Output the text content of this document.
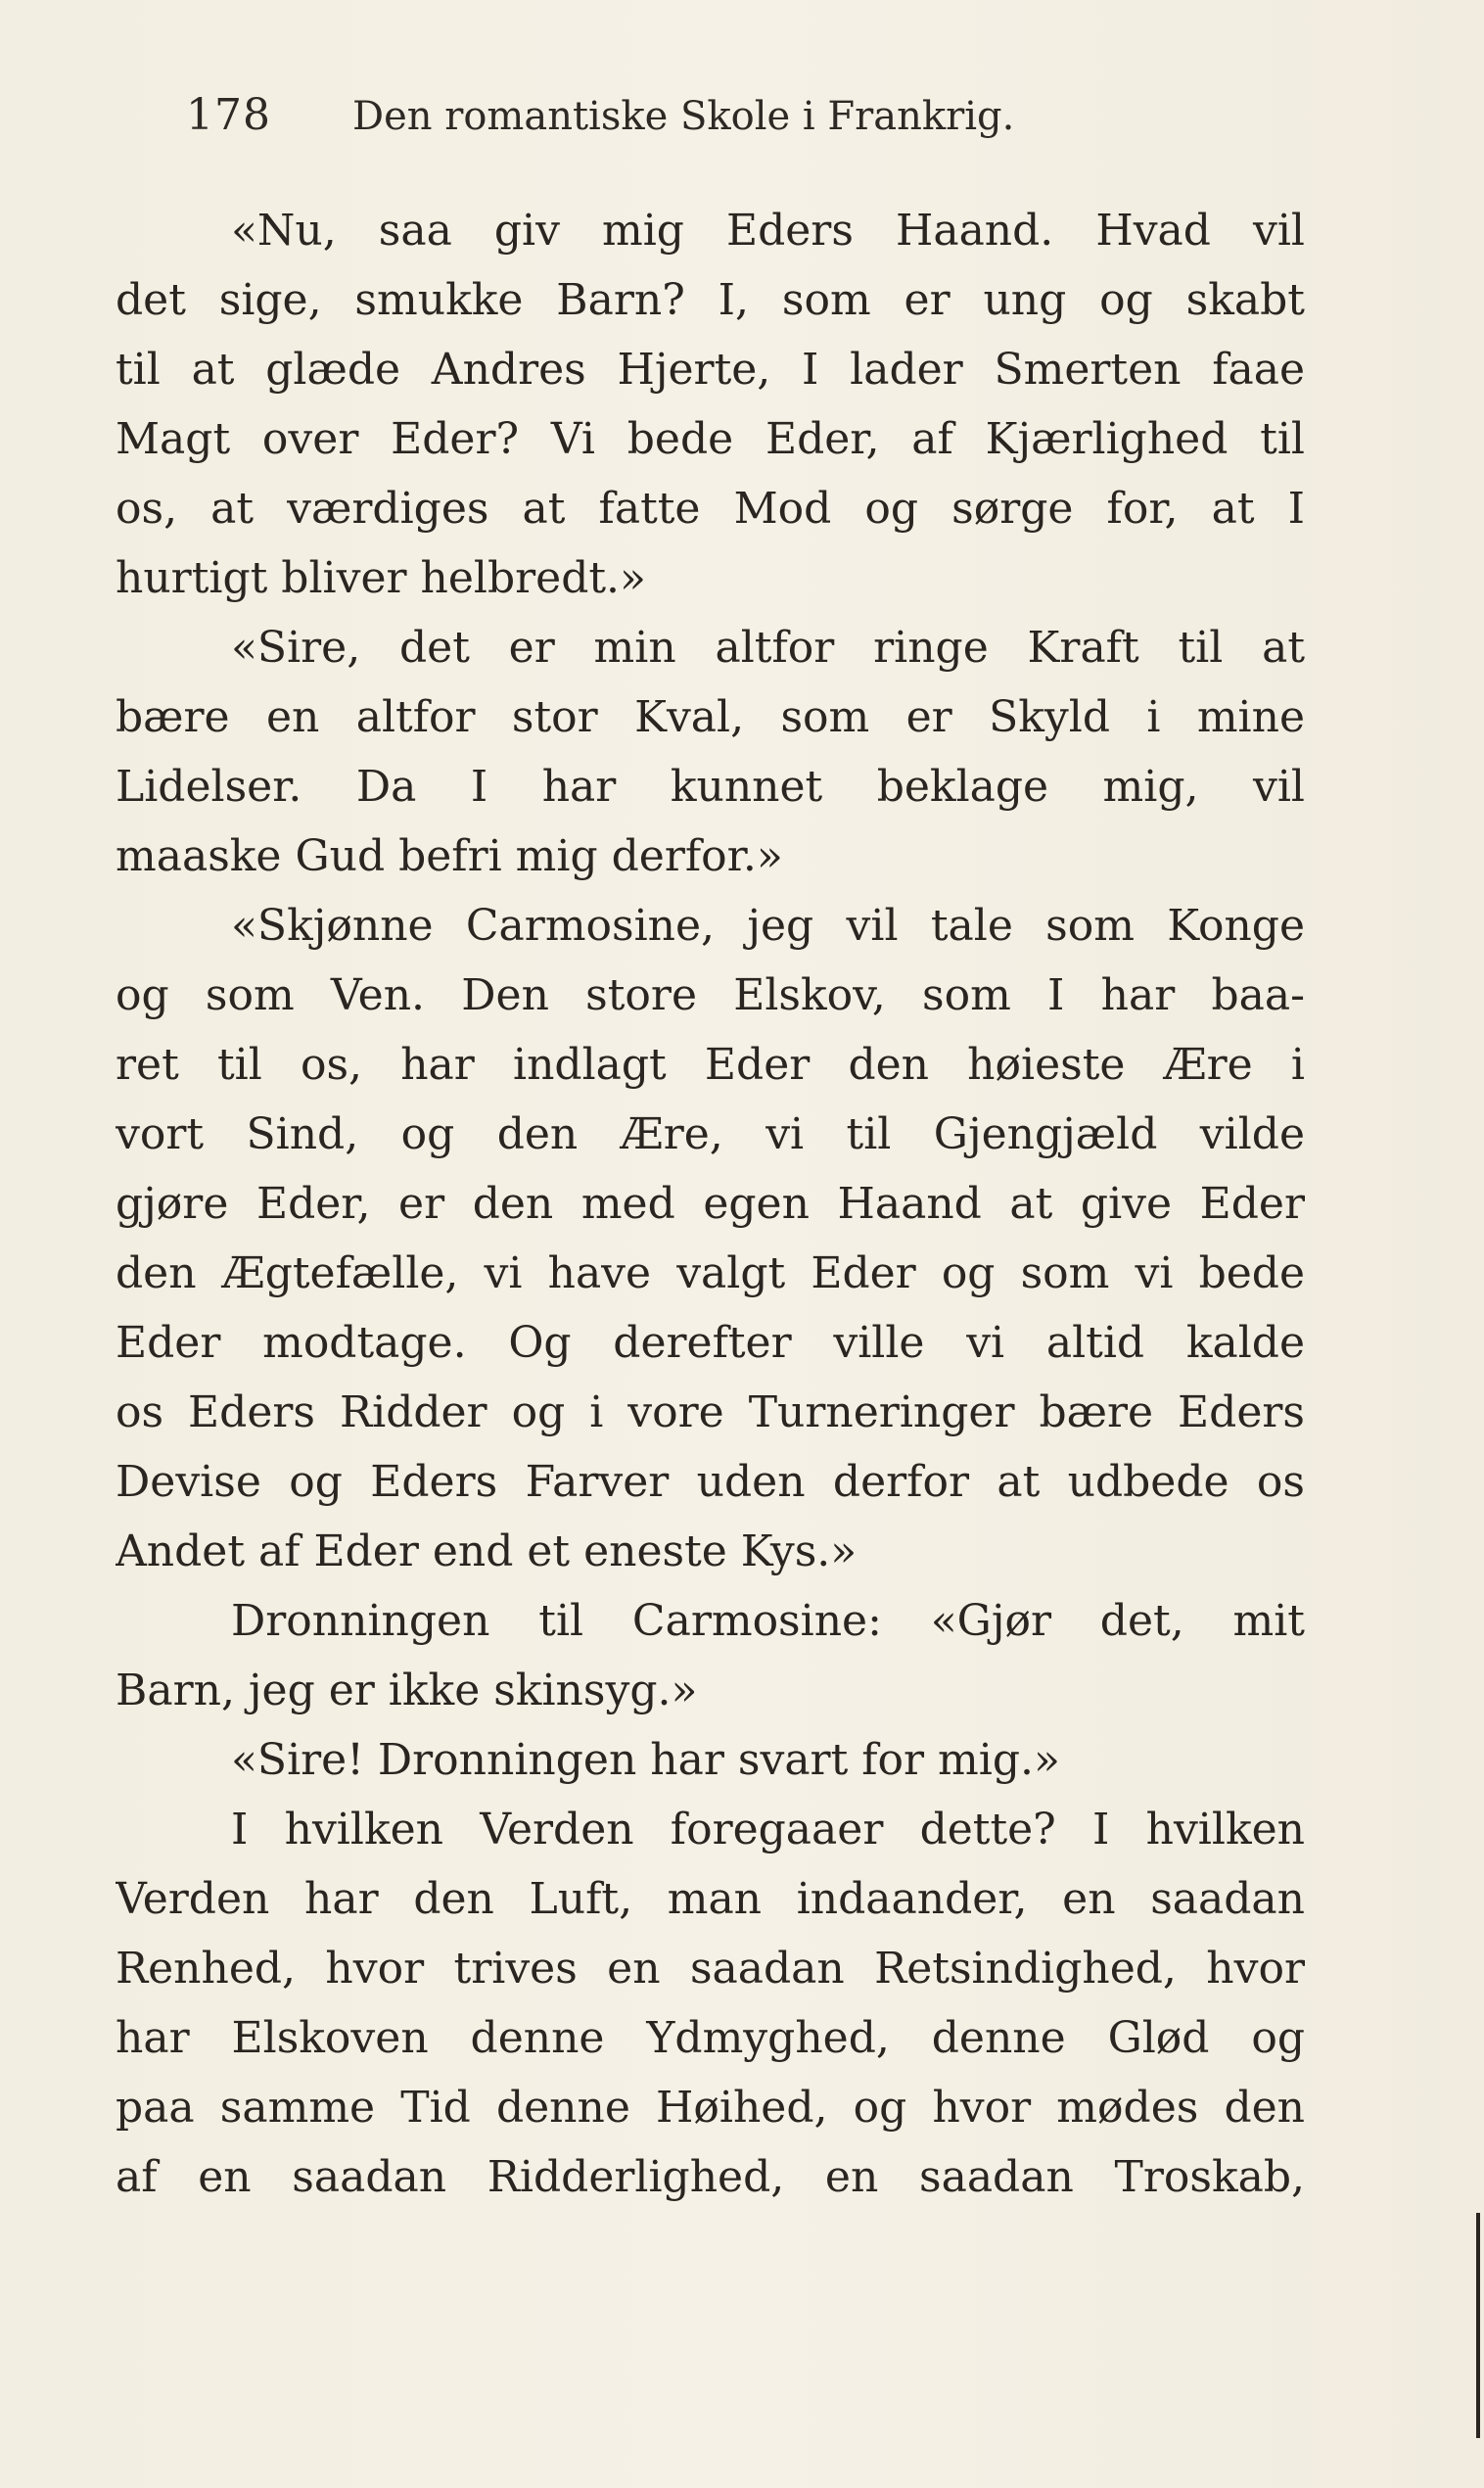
178 Den romantiske Skole i Frankrig.
«Nu, saa giv mig Eders Haand. Hvad vil
det sige, smukke Barn? I, som er ung og skabt
til at glæde Andres Hjerte, I lader Smerten faae
Magt over Eder? Vi bede Eder, af Kjærlighed til
os, at værdiges at fatte Mod og sørge for, at I
hurtigt bliver helbredt.»
«Sire, det er min altfor ringe Kraft til at
bære en altfor stor Kval, som er Skyld i mine
Lidelser. Da I har kunnet beklage mig, vil
maaske Gud befri mig derfor.»
«Skjønne Carmosine, jeg vil tale som Konge
og som Ven. Den store Elskov, som I har baa-
ret til os, har indlagt Eder den høieste Ære i
vort Sind, og den Ære, vi til Gjengjæld vilde
gjøre Eder, er den med egen Haand at give Eder
den Ægtefælle, vi have valgt Eder og som vi bede
Eder modtage. Og derefter ville vi altid kalde
os Eders Ridder og i vore Turneringer bære Eders
Devise og Eders Farver uden derfor at udbede os
Andet af Eder end et eneste Kys.»
Dronningen til Carmosine: «Gjør det, mit
Barn, jeg er ikke skinsyg.»
«Sire! Dronningen har svart for mig.»
I hvilken Verden foregaaer dette? I hvilken
Verden har den Luft, man indaander, en saadan
Renhed, hvor trives en saadan Retsindighed, hvor
har Elskoven denne Ydmyghed, denne Glød og
paa samme Tid denne Høihed, og hvor mødes den
af en saadan Ridderlighed, en saadan Troskab,
